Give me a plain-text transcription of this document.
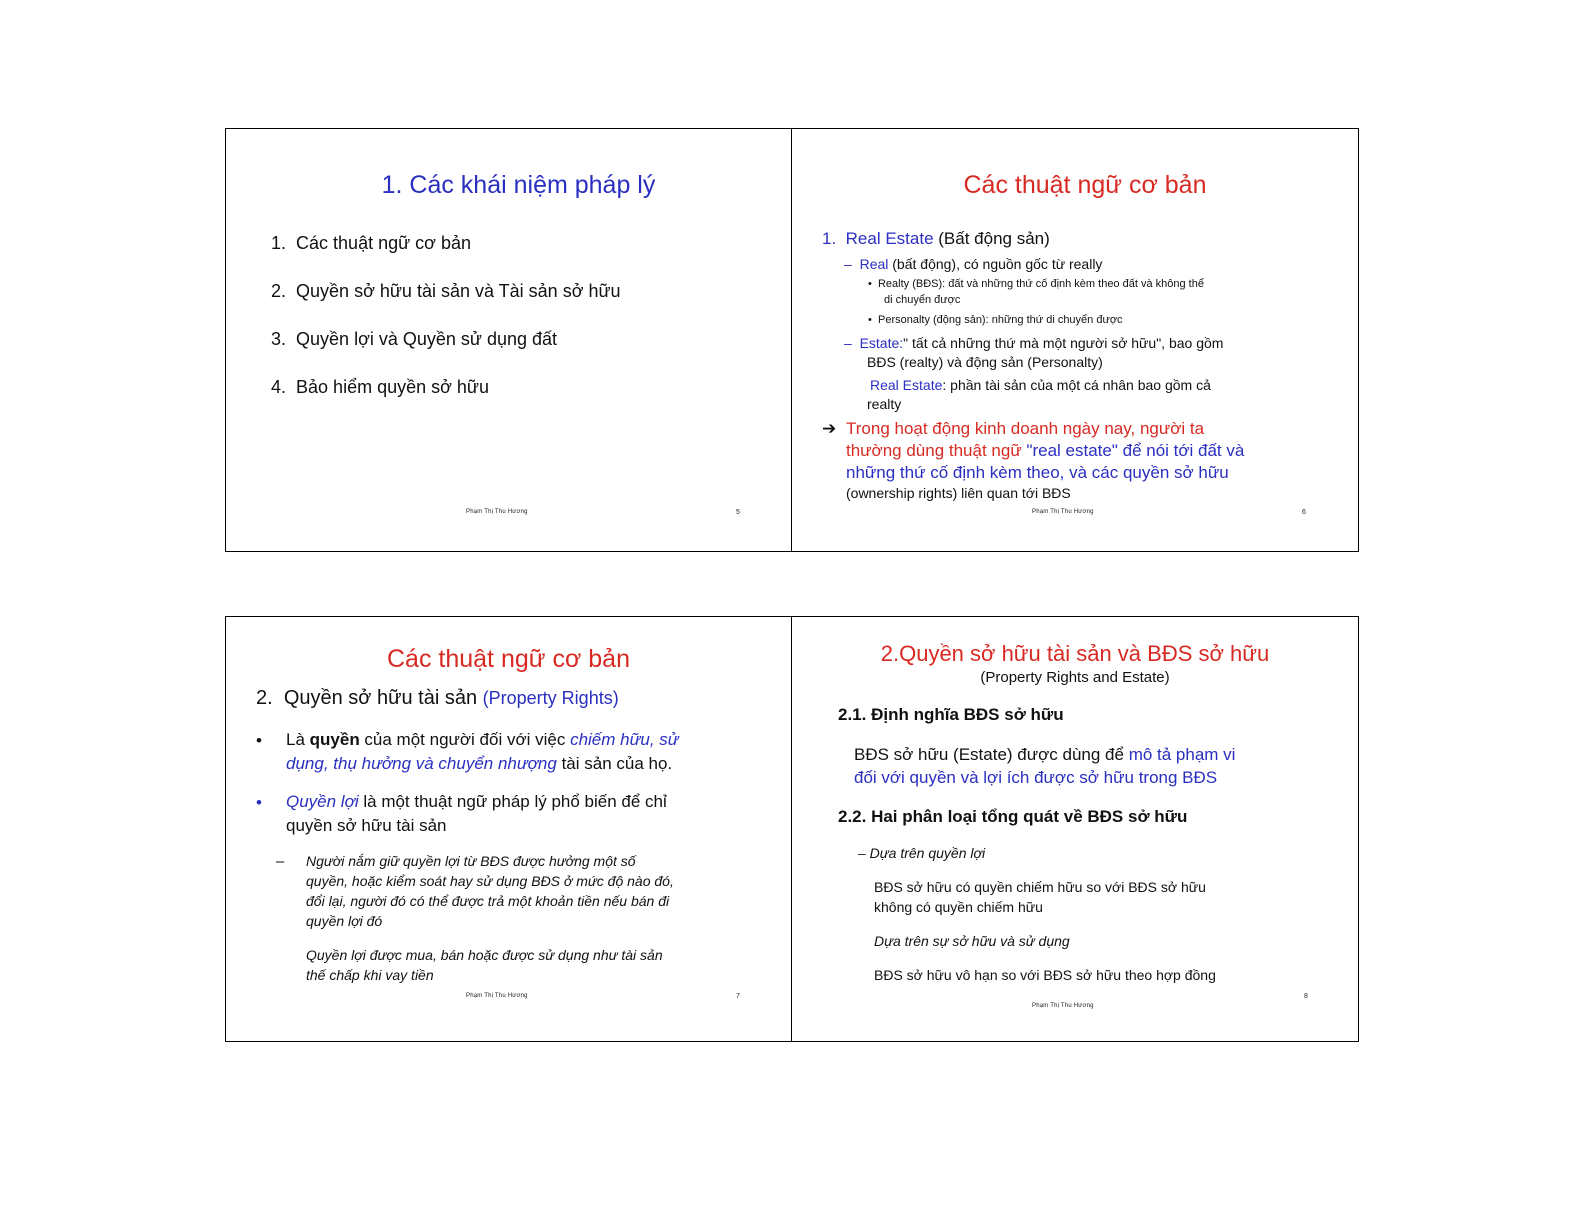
1. Các khái niệm pháp lý
1. Các thuật ngữ cơ bản
2. Quyền sở hữu tài sản và Tài sản sở hữu
3. Quyền lợi và Quyền sử dụng đất
4. Bảo hiểm quyền sở hữu
Phạm Thị Thu Hương	5
Các thuật ngữ cơ bản
1. Real Estate (Bất động sản)
– Real (bất động), có nguồn gốc từ really
• Realty (BĐS): đất và những thứ cố định kèm theo đất và không thể
di chuyển được
• Personalty (động sản): những thứ di chuyển được
– Estate:" tất cả những thứ mà một người sở hữu", bao gồm
BĐS (realty) và động sản (Personalty)
Real Estate: phần tài sản của một cá nhân bao gồm cả
realty
➔ Trong hoạt động kinh doanh ngày nay, người ta
thường dùng thuật ngữ "real estate" để nói tới đất và
những thứ cố định kèm theo, và các quyền sở hữu
(ownership rights) liên quan tới BĐS
Phạm Thị Thu Hương	6
Các thuật ngữ cơ bản
2. Quyền sở hữu tài sản (Property Rights)
• Là quyền của một người đối với việc chiếm hữu, sử
dụng, thụ hưởng và chuyển nhượng tài sản của họ.
• Quyền lợi là một thuật ngữ pháp lý phổ biến để chỉ
quyền sở hữu tài sản
– Người nắm giữ quyền lợi từ BĐS được hưởng một số
quyền, hoặc kiểm soát hay sử dụng BĐS ở mức độ nào đó,
đổi lại, người đó có thể được trả một khoản tiền nếu bán đi
quyền lợi đó
Quyền lợi được mua, bán hoặc được sử dụng như tài sản
thế chấp khi vay tiền
Phạm Thị Thu Hương	7
2.Quyền sở hữu tài sản và BĐS sở hữu
(Property Rights and Estate)
2.1. Định nghĩa BĐS sở hữu
BĐS sở hữu (Estate) được dùng để mô tả phạm vi
đối với quyền và lợi ích được sở hữu trong BĐS
2.2. Hai phân loại tổng quát về BĐS sở hữu
– Dựa trên quyền lợi
BĐS sở hữu có quyền chiếm hữu so với BĐS sở hữu
không có quyền chiếm hữu
Dựa trên sự sở hữu và sử dụng
BĐS sở hữu vô hạn so với BĐS sở hữu theo hợp đồng
Phạm Thị Thu Hương
8
